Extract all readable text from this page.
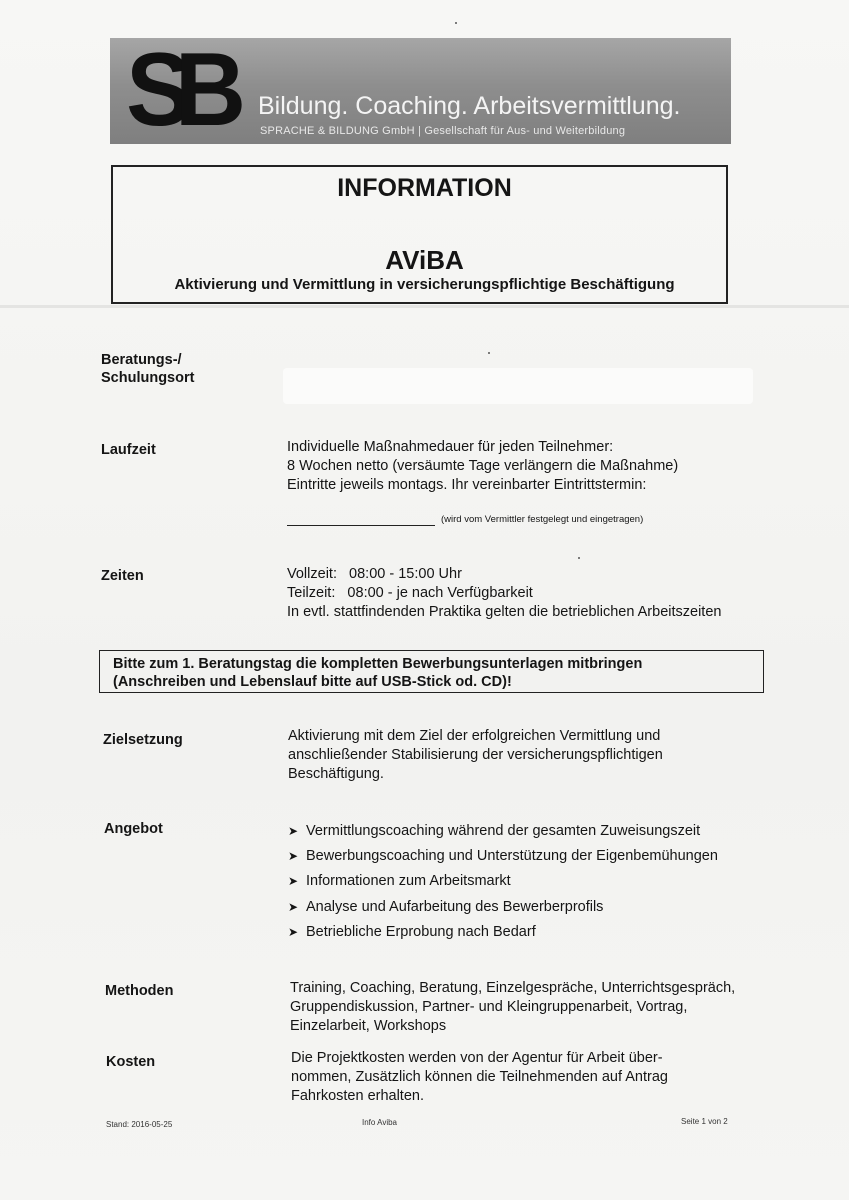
SB Bildung. Coaching. Arbeitsvermittlung.
SPRACHE & BILDUNG GmbH | Gesellschaft für Aus- und Weiterbildung
INFORMATION
AViBA
Aktivierung und Vermittlung in versicherungspflichtige Beschäftigung
Beratungs-/
Schulungsort
Laufzeit	Individuelle Maßnahmedauer für jeden Teilnehmer:
8 Wochen netto (versäumte Tage verlängern die Maßnahme)
Eintritte jeweils montags. Ihr vereinbarter Eintrittstermin:
(wird vom Vermittler festgelegt und eingetragen)
Zeiten	Vollzeit:   08:00 - 15:00 Uhr
Teilzeit:   08:00 - je nach Verfügbarkeit
In evtl. stattfindenden Praktika gelten die betrieblichen Arbeitszeiten
Bitte zum 1. Beratungstag die kompletten Bewerbungsunterlagen mitbringen
(Anschreiben und Lebenslauf bitte auf USB-Stick od. CD)!
Zielsetzung	Aktivierung mit dem Ziel der erfolgreichen Vermittlung und
anschließender Stabilisierung der versicherungspflichtigen
Beschäftigung.
Angebot	➤ Vermittlungscoaching während der gesamten Zuweisungszeit
➤ Bewerbungscoaching und Unterstützung der Eigenbemühungen
➤ Informationen zum Arbeitsmarkt
➤ Analyse und Aufarbeitung des Bewerberprofils
➤ Betriebliche Erprobung nach Bedarf
Methoden	Training, Coaching, Beratung, Einzelgespräche, Unterrichtsgespräch,
Gruppendiskussion, Partner- und Kleingruppenarbeit, Vortrag,
Einzelarbeit, Workshops
Kosten	Die Projektkosten werden von der Agentur für Arbeit über-
nommen, Zusätzlich können die Teilnehmenden auf Antrag
Fahrkosten erhalten.
Stand: 2016-05-25	Info Aviba	Seite 1 von 2
